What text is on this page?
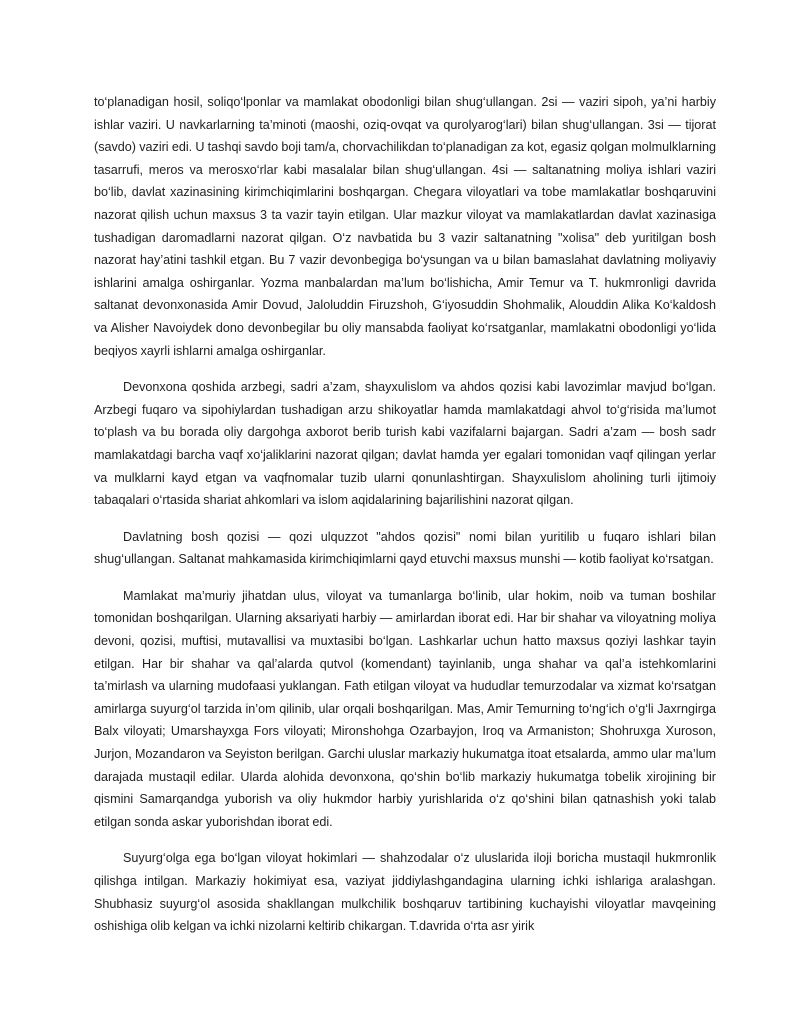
to‘planadigan hosil, soliqo‘lponlar va mamlakat obodonligi bilan shug‘ullangan. 2si — vaziri sipoh, ya’ni harbiy ishlar vaziri. U navkarlarning ta’minoti (maoshi, oziq-ovqat va qurolyarog‘lari) bilan shug‘ullangan. 3si — tijorat (savdo) vaziri edi. U tashqi savdo boji tam/a, chorvachilikdan to‘planadigan za kot, egasiz qolgan molmulklarning tasarrufi, meros va merosxo‘rlar kabi masalalar bilan shug‘ullangan. 4si — saltanatning moliya ishlari vaziri bo‘lib, davlat xazinasining kirimchiqimlarini boshqargan. Chegara viloyatlari va tobe mamlakatlar boshqaruvini nazorat qilish uchun maxsus 3 ta vazir tayin etilgan. Ular mazkur viloyat va mamlakatlardan davlat xazinasiga tushadigan daromadlarni nazorat qilgan. O‘z navbatida bu 3 vazir saltanatning "xolisa" deb yuritilgan bosh nazorat hay’atini tashkil etgan. Bu 7 vazir devonbegiga bo‘ysungan va u bilan bamaslahat davlatning moliyaviy ishlarini amalga oshirganlar. Yozma manbalardan ma’lum bo‘lishicha, Amir Temur va T. hukmronligi davrida saltanat devonxonasida Amir Dovud, Jaloluddin Firuzshoh, G‘iyosuddin Shohmalik, Alouddin Alika Ko‘kaldosh va Alisher Navoiydek dono devonbegilar bu oliy mansabda faoliyat ko‘rsatganlar, mamlakatni obodonligi yo‘lida beqiyos xayrli ishlarni amalga oshirganlar.

Devonxona qoshida arzbegi, sadri a’zam, shayxulislom va ahdos qozisi kabi lavozimlar mavjud bo‘lgan. Arzbegi fuqaro va sipohiylardan tushadigan arzu shikoyatlar hamda mamlakatdagi ahvol to‘g‘risida ma’lumot to‘plash va bu borada oliy dargohga axborot berib turish kabi vazifalarni bajargan. Sadri a’zam — bosh sadr mamlakatdagi barcha vaqf xo‘jaliklarini nazorat qilgan; davlat hamda yer egalari tomonidan vaqf qilingan yerlar va mulklarni kayd etgan va vaqfnomalar tuzib ularni qonunlashtirgan. Shayxulislom aholining turli ijtimoiy tabaqalari o‘rtasida shariat ahkomlari va islom aqidalarining bajarilishini nazorat qilgan.

Davlatning bosh qozisi — qozi ulquzzot "ahdos qozisi" nomi bilan yuritilib u fuqaro ishlari bilan shug‘ullangan. Saltanat mahkamasida kirimchiqimlarni qayd etuvchi maxsus munshi — kotib faoliyat ko‘rsatgan.

Mamlakat ma’muriy jihatdan ulus, viloyat va tumanlarga bo‘linib, ular hokim, noib va tuman boshilar tomonidan boshqarilgan. Ularning aksariyati harbiy — amirlardan iborat edi. Har bir shahar va viloyatning moliya devoni, qozisi, muftisi, mutavallisi va muxtasibi bo‘lgan. Lashkarlar uchun hatto maxsus qoziyi lashkar tayin etilgan. Har bir shahar va qal’alarda qutvol (komendant) tayinlanib, unga shahar va qal’a istehkomlarini ta’mirlash va ularning mudofaasi yuklangan. Fath etilgan viloyat va hududlar temurzodalar va xizmat ko‘rsatgan amirlarga suyurg‘ol tarzida in’om qilinib, ular orqali boshqarilgan. Mas, Amir Temurning to‘ng‘ich o‘g‘li Jaxrngirga Balx viloyati; Umarshayxga Fors viloyati; Mironshohga Ozarbayjon, Iroq va Armaniston; Shohruxga Xuroson, Jurjon, Mozandaron va Seyiston berilgan. Garchi uluslar markaziy hukumatga itoat etsalarda, ammo ular ma’lum darajada mustaqil edilar. Ularda alohida devonxona, qo‘shin bo‘lib markaziy hukumatga tobelik xirojining bir qismini Samarqandga yuborish va oliy hukmdor harbiy yurishlarida o‘z qo‘shini bilan qatnashish yoki talab etilgan sonda askar yuborishdan iborat edi.

Suyurg‘olga ega bo‘lgan viloyat hokimlari — shahzodalar o‘z uluslarida iloji boricha mustaqil hukmronlik qilishga intilgan. Markaziy hokimiyat esa, vaziyat jiddiylashgandagina ularning ichki ishlariga aralashgan. Shubhasiz suyurg‘ol asosida shakllangan mulkchilik boshqaruv tartibining kuchayishi viloyatlar mavqeining oshishiga olib kelgan va ichki nizolarni keltirib chikargan. T.davrida o‘rta asr yirik
